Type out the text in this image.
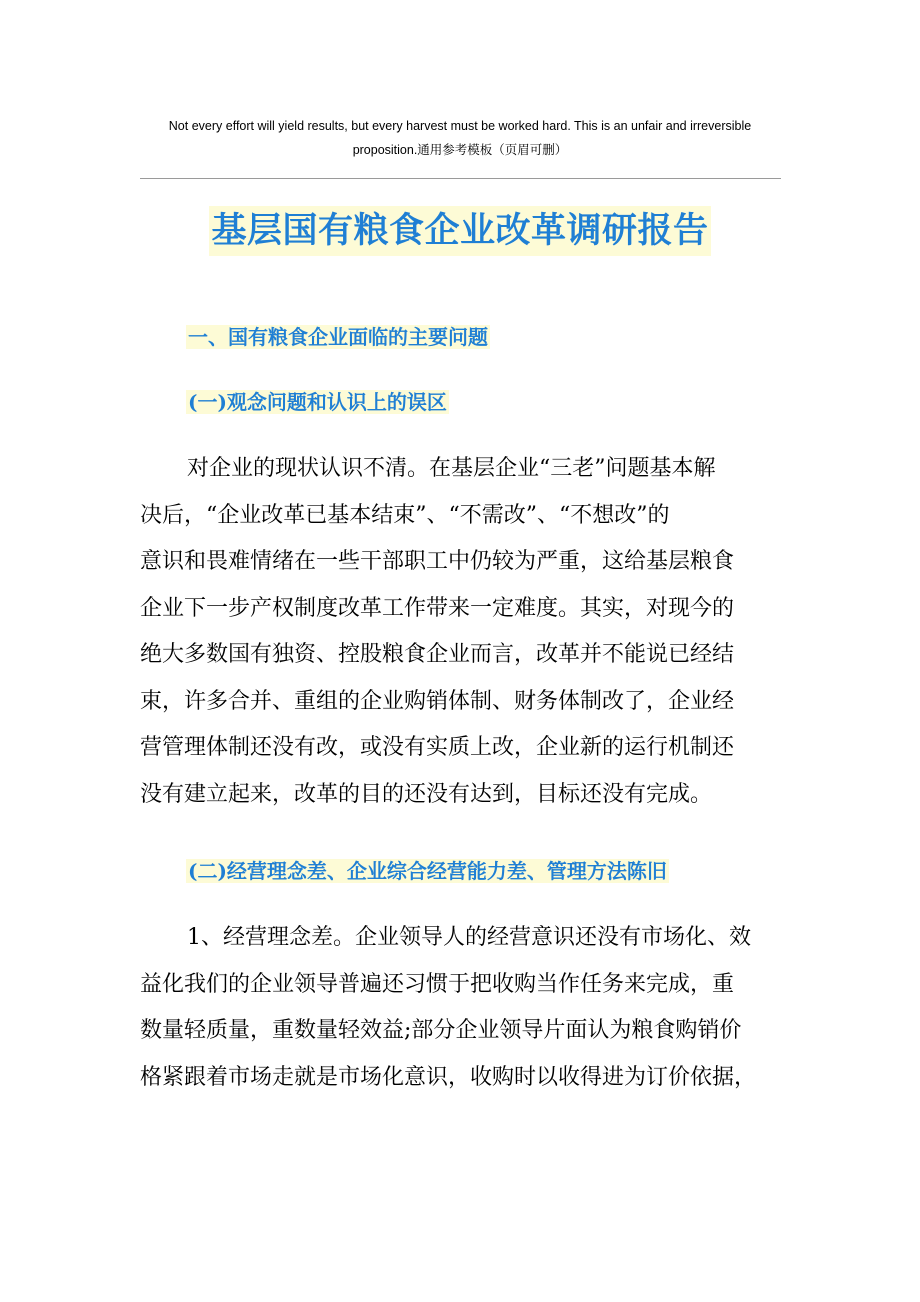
Not every effort will yield results, but every harvest must be worked hard. This is an unfair and irreversible
proposition.通用参考模板（页眉可删）
基层国有粮食企业改革调研报告
一、国有粮食企业面临的主要问题
(一)观念问题和认识上的误区
对企业的现状认识不清。在基层企业“三老”问题基本解
决后，“企业改革已基本结束”、“不需改”、“不想改”的
意识和畏难情绪在一些干部职工中仍较为严重，这给基层粮食
企业下一步产权制度改革工作带来一定难度。其实，对现今的
绝大多数国有独资、控股粮食企业而言，改革并不能说已经结
束，许多合并、重组的企业购销体制、财务体制改了，企业经
营管理体制还没有改，或没有实质上改，企业新的运行机制还
没有建立起来，改革的目的还没有达到，目标还没有完成。
(二)经营理念差、企业综合经营能力差、管理方法陈旧
1、经营理念差。企业领导人的经营意识还没有市场化、效
益化我们的企业领导普遍还习惯于把收购当作任务来完成，重
数量轻质量，重数量轻效益;部分企业领导片面认为粮食购销价
格紧跟着市场走就是市场化意识，收购时以收得进为订价依据，
